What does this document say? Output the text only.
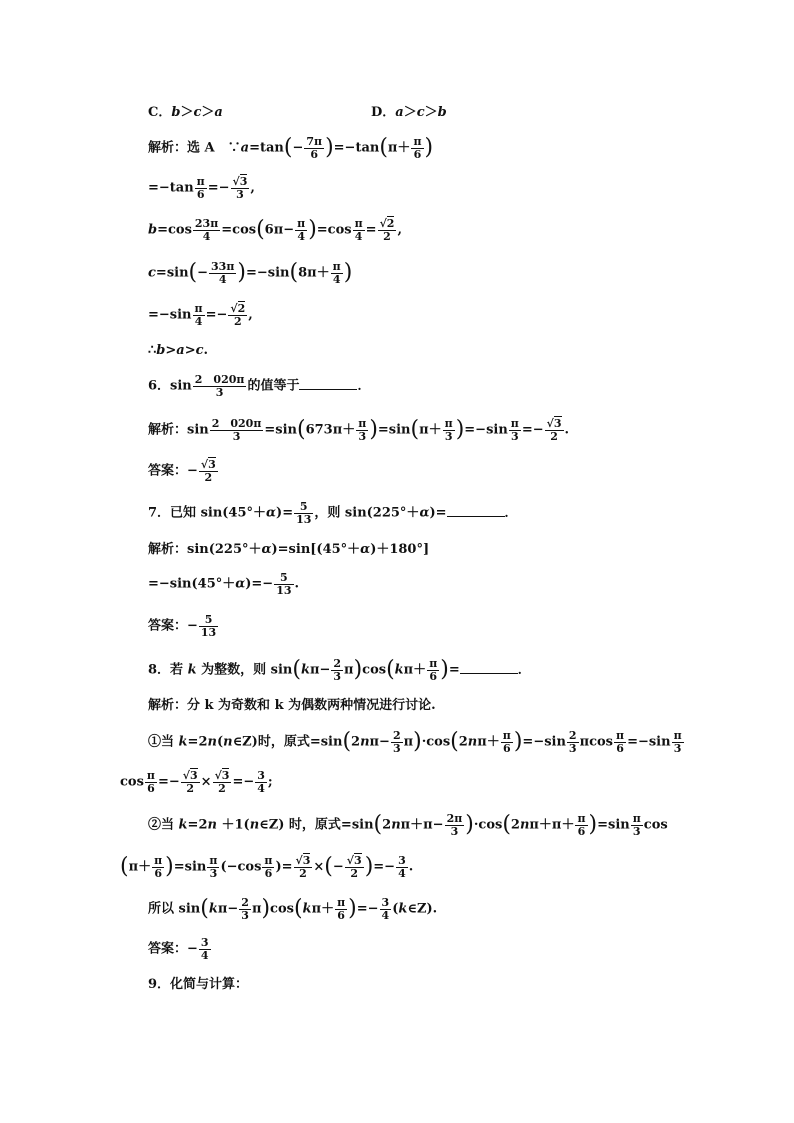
C．b＞c＞a	D．a＞c＞b
解析：选 A　∵a=tan(− $\frac{7\pi}{6} )=-\tan(\pi+ \frac{\pi}{6}$ )
$=-\tan \frac{\pi}{6}$ =− √ $\frac{3}{3}$ ,
$b=\cos \frac{23\pi}{4} =\cos(6\pi- \frac{\pi}{4} )=\cos \frac{\pi}{4}$ = √ $\frac{2}{2}$ ,
$c=\sin(- \frac{33\pi}{4} )=-\sin(8\pi+ \frac{\pi}{4}$ )
$=-\sin \frac{\pi}{4}$ =− √ $\frac{2}{2}$ ,
∴b>a>c.
6．$\sin \frac{2 020\pi}{3}$ 的值等于	．
解析：$\sin \frac{2 020\pi}{3} =\sin(673\pi+ \frac{\pi}{3} )=\sin(\pi+ \frac{\pi}{3} )=-\sin \frac{\pi}{3}$ =− √ $\frac{3}{2}$ .
答案：− √ $\frac{3}{2}$
7．已知 $\sin(45^\circ+\alpha)= \frac{5}{13}$ ，则 sin(225°＋α)=	．
解析：sin(225°＋α)=sin[(45°＋α)＋180°]
$=-\sin(45^\circ+\alpha)=- \frac{5}{13}$ .
答案：− $\frac{5}{13}$
8．若 k 为整数，则 $\sin(k\pi- \frac{2}{3} \pi)\cos(k\pi+ \frac{\pi}{6}$ )=	．
解析：分 k 为奇数和 k 为偶数两种情况进行讨论.
①当 k=2n(n∈Z)时，原式$=\sin(2n\pi- \frac{2}{3} \pi)\cdot\cos(2n\pi+ \frac{\pi}{6} )=-\sin \frac{2}{3}$ πcos $\frac{\pi}{6} =-\sin \frac{\pi}{3}$
$\cos \frac{\pi}{6}$ =− √ $\frac{3}{2}$ × √ $\frac{3}{2} =- \frac{3}{4}$ ;
②当 k=2n ＋1(n∈Z) 时，原式$=\sin(2n\pi+\pi- \frac{2\pi}{3} )\cdot\cos(2n\pi+\pi+ \frac{\pi}{6} )=\sin \frac{\pi}{3}$ cos
$(\pi+ \frac{\pi}{6} )=\sin \frac{\pi}{3} (-\cos \frac{\pi}{6}$ )= √ $\frac{3}{2}$ ×(− √ $\frac{3}{2}$ )=− $\frac{3}{4}$ .
所以 $\sin(k\pi- \frac{2}{3} \pi)\cos(k\pi+ \frac{\pi}{6}$ )=− $\frac{3}{4}$ (k∈Z).
答案：− $\frac{3}{4}$
9．化简与计算：
